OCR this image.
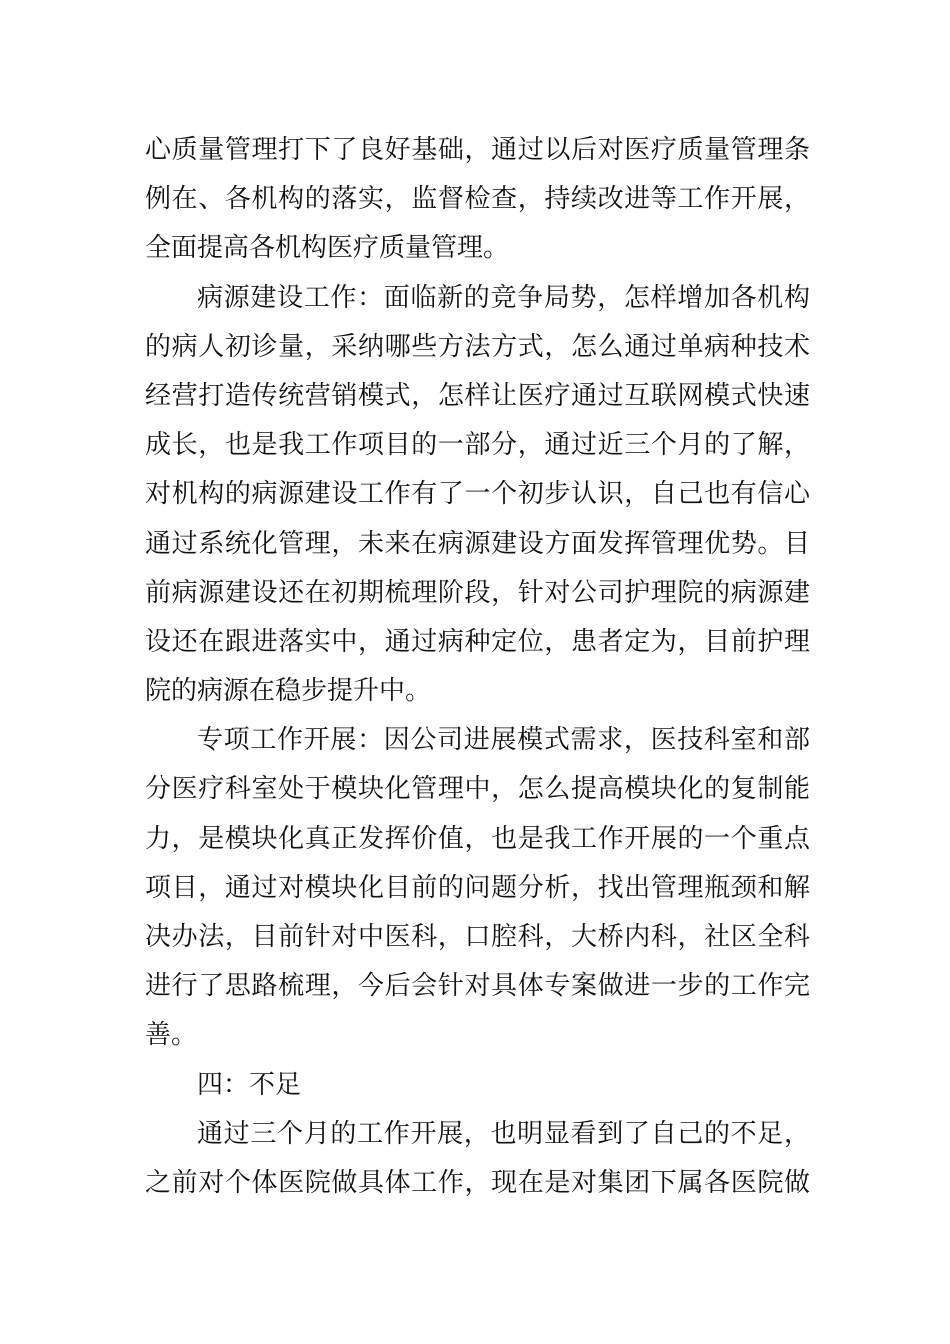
心质量管理打下了良好基础，通过以后对医疗质量管理条
例在、各机构的落实，监督检查，持续改进等工作开展，
全面提高各机构医疗质量管理。
病源建设工作：面临新的竞争局势，怎样增加各机构
的病人初诊量，采纳哪些方法方式，怎么通过单病种技术
经营打造传统营销模式，怎样让医疗通过互联网模式快速
成长，也是我工作项目的一部分，通过近三个月的了解，
对机构的病源建设工作有了一个初步认识，自己也有信心
通过系统化管理，未来在病源建设方面发挥管理优势。目
前病源建设还在初期梳理阶段，针对公司护理院的病源建
设还在跟进落实中，通过病种定位，患者定为，目前护理
院的病源在稳步提升中。
专项工作开展：因公司进展模式需求，医技科室和部
分医疗科室处于模块化管理中，怎么提高模块化的复制能
力，是模块化真正发挥价值，也是我工作开展的一个重点
项目，通过对模块化目前的问题分析，找出管理瓶颈和解
决办法，目前针对中医科，口腔科，大桥内科，社区全科
进行了思路梳理，今后会针对具体专案做进一步的工作完
善。
四：不足
通过三个月的工作开展，也明显看到了自己的不足，
之前对个体医院做具体工作，现在是对集团下属各医院做
